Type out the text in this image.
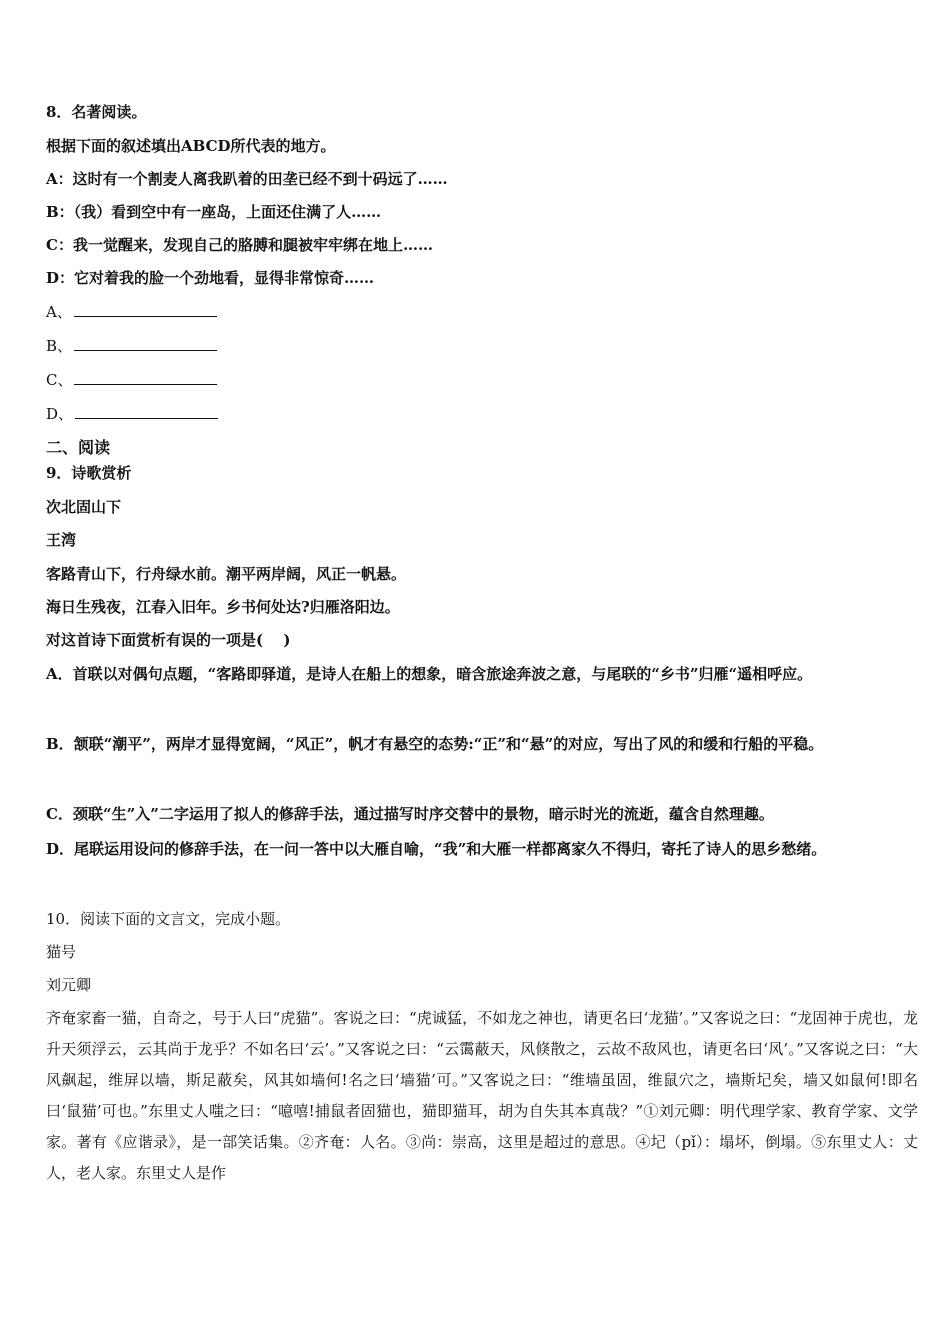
8．名著阅读。
根据下面的叙述填出ABCD所代表的地方。
A：这时有一个割麦人离我趴着的田垄已经不到十码远了……
B：（我）看到空中有一座岛，上面还住满了人……
C：我一觉醒来，发现自己的胳膊和腿被牢牢绑在地上……
D：它对着我的脸一个劲地看，显得非常惊奇……
A、
B、
C、
D、
二、阅读
9．诗歌赏析
次北固山下
王湾
客路青山下，行舟绿水前。潮平两岸阔，风正一帆悬。
海日生残夜，江春入旧年。乡书何处达?归雁洛阳边。
对这首诗下面赏析有误的一项是(　 )
A．首联以对偶句点题，“客路即驿道，是诗人在船上的想象，暗含旅途奔波之意，与尾联的“乡书”归雁“遥相呼应。
B．颔联“潮平”，两岸才显得宽阔，“风正”，帆才有悬空的态势:“正”和“悬”的对应，写出了风的和缓和行船的平稳。
C．颈联“生”入”二字运用了拟人的修辞手法，通过描写时序交替中的景物，暗示时光的流逝，蕴含自然理趣。
D．尾联运用设问的修辞手法，在一问一答中以大雁自喻，“我”和大雁一样都离家久不得归，寄托了诗人的思乡愁绪。
10．阅读下面的文言文，完成小题。
猫号
刘元卿
齐奄家畜一猫，自奇之，号于人曰“虎猫”。客说之曰：“虎诚猛，不如龙之神也，请更名曰‘龙猫’。”又客说之曰：“龙固神于虎也，龙升天须浮云，云其尚于龙乎？不如名曰‘云’。”又客说之曰：“云霭蔽天，风倏散之，云故不敌风也，请更名曰‘风’。”又客说之曰：“大风飙起，维屏以墙，斯足蔽矣，风其如墙何!名之曰‘墙猫’可。”又客说之曰：“维墙虽固，维鼠穴之，墙斯圮矣，墙又如鼠何!即名曰‘鼠猫’可也。”东里丈人嗤之曰：“噫嘻!捕鼠者固猫也，猫即猫耳，胡为自失其本真哉？”①刘元卿：明代理学家、教育学家、文学家。著有《应谐录》，是一部笑话集。②齐奄：人名。③尚：崇高，这里是超过的意思。④圮（pǐ）：塌坏，倒塌。⑤东里丈人：丈人，老人家。东里丈人是作
